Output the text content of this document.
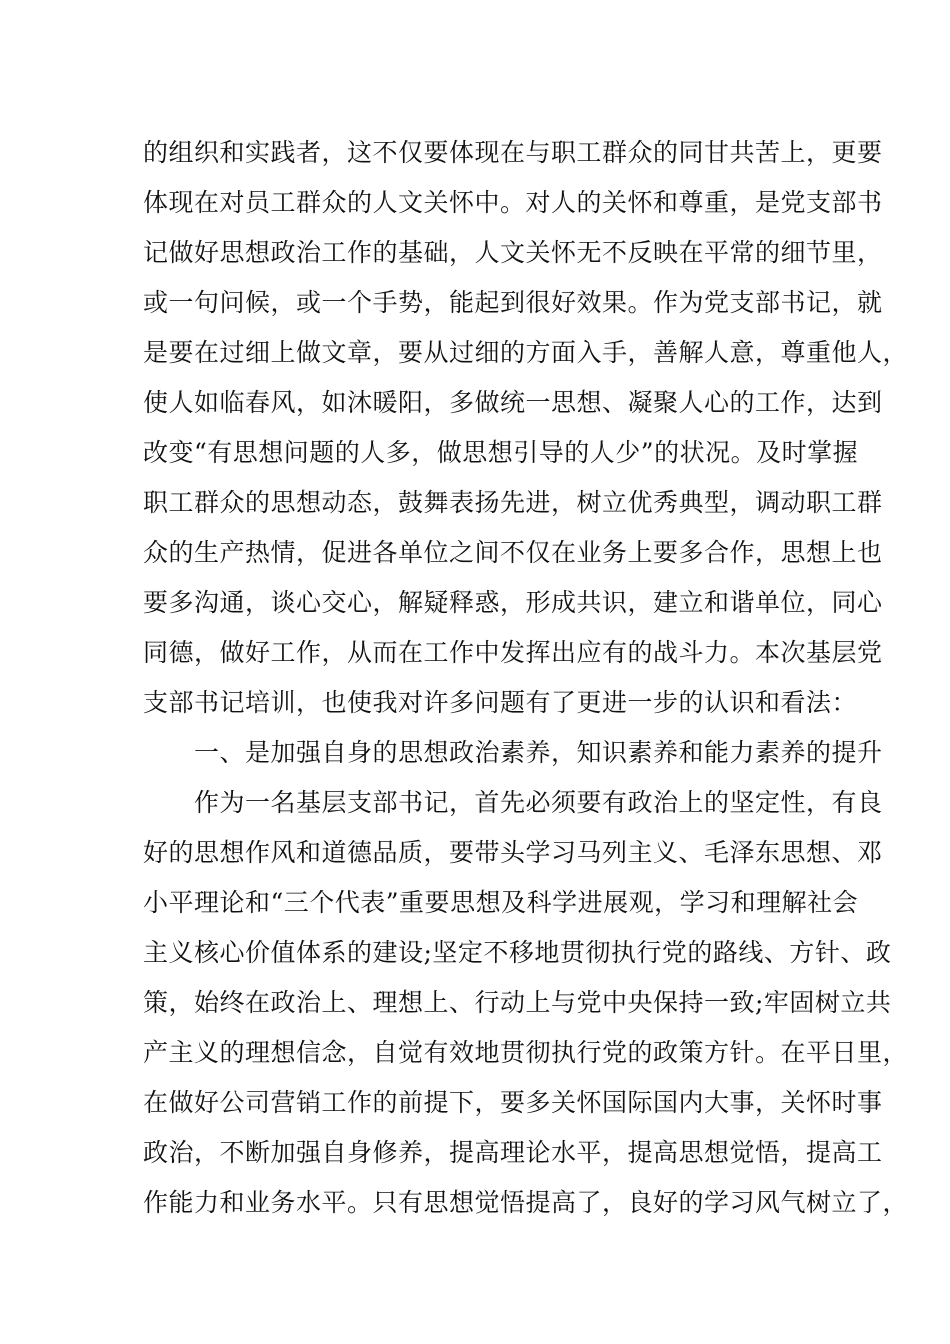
的组织和实践者，这不仅要体现在与职工群众的同甘共苦上，更要
体现在对员工群众的人文关怀中。对人的关怀和尊重，是党支部书
记做好思想政治工作的基础，人文关怀无不反映在平常的细节里，
或一句问候，或一个手势，能起到很好效果。作为党支部书记，就
是要在过细上做文章，要从过细的方面入手，善解人意，尊重他人，
使人如临春风，如沐暖阳，多做统一思想、凝聚人心的工作，达到
改变“有思想问题的人多，做思想引导的人少”的状况。及时掌握
职工群众的思想动态，鼓舞表扬先进，树立优秀典型，调动职工群
众的生产热情，促进各单位之间不仅在业务上要多合作，思想上也
要多沟通，谈心交心，解疑释惑，形成共识，建立和谐单位，同心
同德，做好工作，从而在工作中发挥出应有的战斗力。本次基层党
支部书记培训，也使我对许多问题有了更进一步的认识和看法：
　　一、是加强自身的思想政治素养，知识素养和能力素养的提升
　　作为一名基层支部书记，首先必须要有政治上的坚定性，有良
好的思想作风和道德品质，要带头学习马列主义、毛泽东思想、邓
小平理论和“三个代表”重要思想及科学进展观，学习和理解社会
主义核心价值体系的建设;坚定不移地贯彻执行党的路线、方针、政
策，始终在政治上、理想上、行动上与党中央保持一致;牢固树立共
产主义的理想信念，自觉有效地贯彻执行党的政策方针。在平日里，
在做好公司营销工作的前提下，要多关怀国际国内大事，关怀时事
政治，不断加强自身修养，提高理论水平，提高思想觉悟，提高工
作能力和业务水平。只有思想觉悟提高了，良好的学习风气树立了，
